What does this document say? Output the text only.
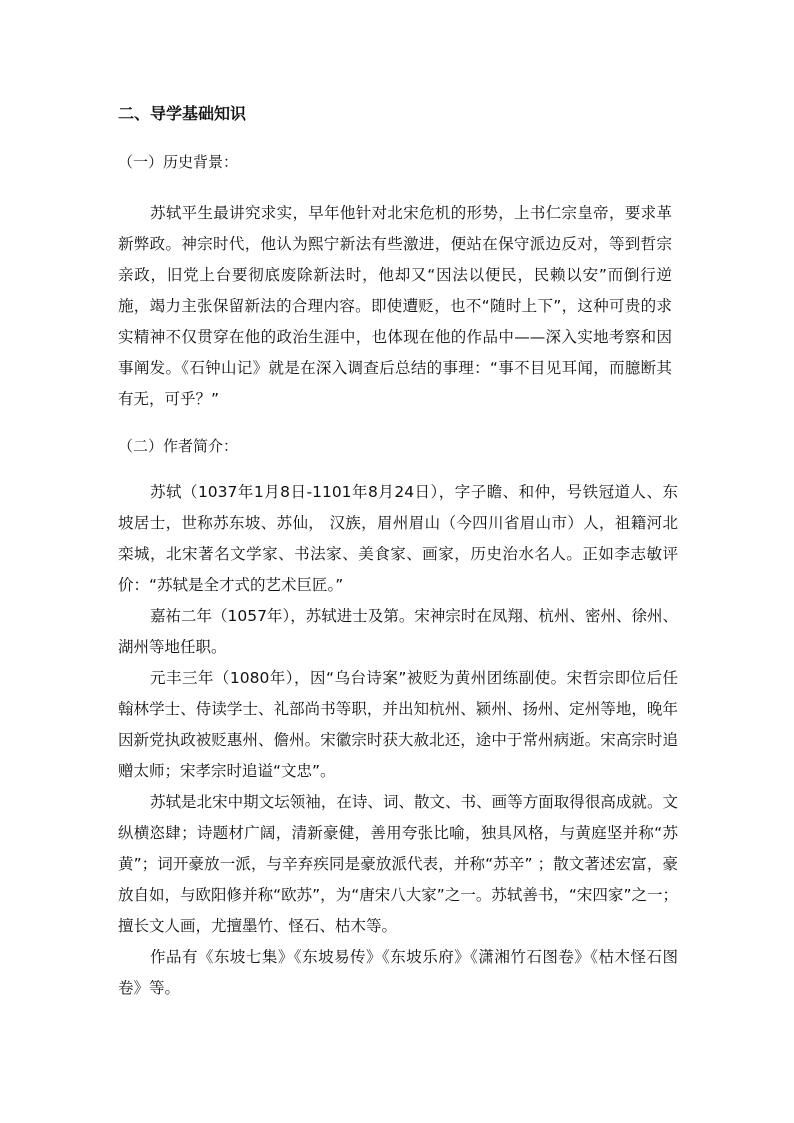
二、导学基础知识
（一）历史背景：

苏轼平生最讲究求实，早年他针对北宋危机的形势，上书仁宗皇帝，要求革新弊政。神宗时代，他认为熙宁新法有些激进，便站在保守派边反对，等到哲宗亲政，旧党上台要彻底废除新法时，他却又“因法以便民，民赖以安”而倒行逆施，竭力主张保留新法的合理内容。即使遭贬，也不“随时上下”，这种可贵的求实精神不仅贯穿在他的政治生涯中，也体现在他的作品中——深入实地考察和因事阐发。《石钟山记》就是在深入调查后总结的事理：“事不目见耳闻，而臆断其有无，可乎？”

（二）作者简介：

苏轼（1037年1月8日-1101年8月24日），字子瞻、和仲，号铁冠道人、东坡居士，世称苏东坡、苏仙， 汉族，眉州眉山（今四川省眉山市）人，祖籍河北栾城，北宋著名文学家、书法家、美食家、画家，历史治水名人。正如李志敏评价：“苏轼是全才式的艺术巨匠。”

嘉祐二年（1057年），苏轼进士及第。宋神宗时在凤翔、杭州、密州、徐州、湖州等地任职。

元丰三年（1080年），因“乌台诗案”被贬为黄州团练副使。宋哲宗即位后任翰林学士、侍读学士、礼部尚书等职，并出知杭州、颍州、扬州、定州等地，晚年因新党执政被贬惠州、儋州。宋徽宗时获大赦北还，途中于常州病逝。宋高宗时追赠太师；宋孝宗时追谥“文忠”。

苏轼是北宋中期文坛领袖，在诗、词、散文、书、画等方面取得很高成就。文纵横恣肆；诗题材广阔，清新豪健，善用夸张比喻，独具风格，与黄庭坚并称“苏黄”；词开豪放一派，与辛弃疾同是豪放派代表，并称“苏辛” ；散文著述宏富，豪放自如，与欧阳修并称“欧苏”，为“唐宋八大家”之一。苏轼善书，“宋四家”之一；擅长文人画，尤擅墨竹、怪石、枯木等。

作品有《东坡七集》《东坡易传》《东坡乐府》《潇湘竹石图卷》《枯木怪石图卷》等。
